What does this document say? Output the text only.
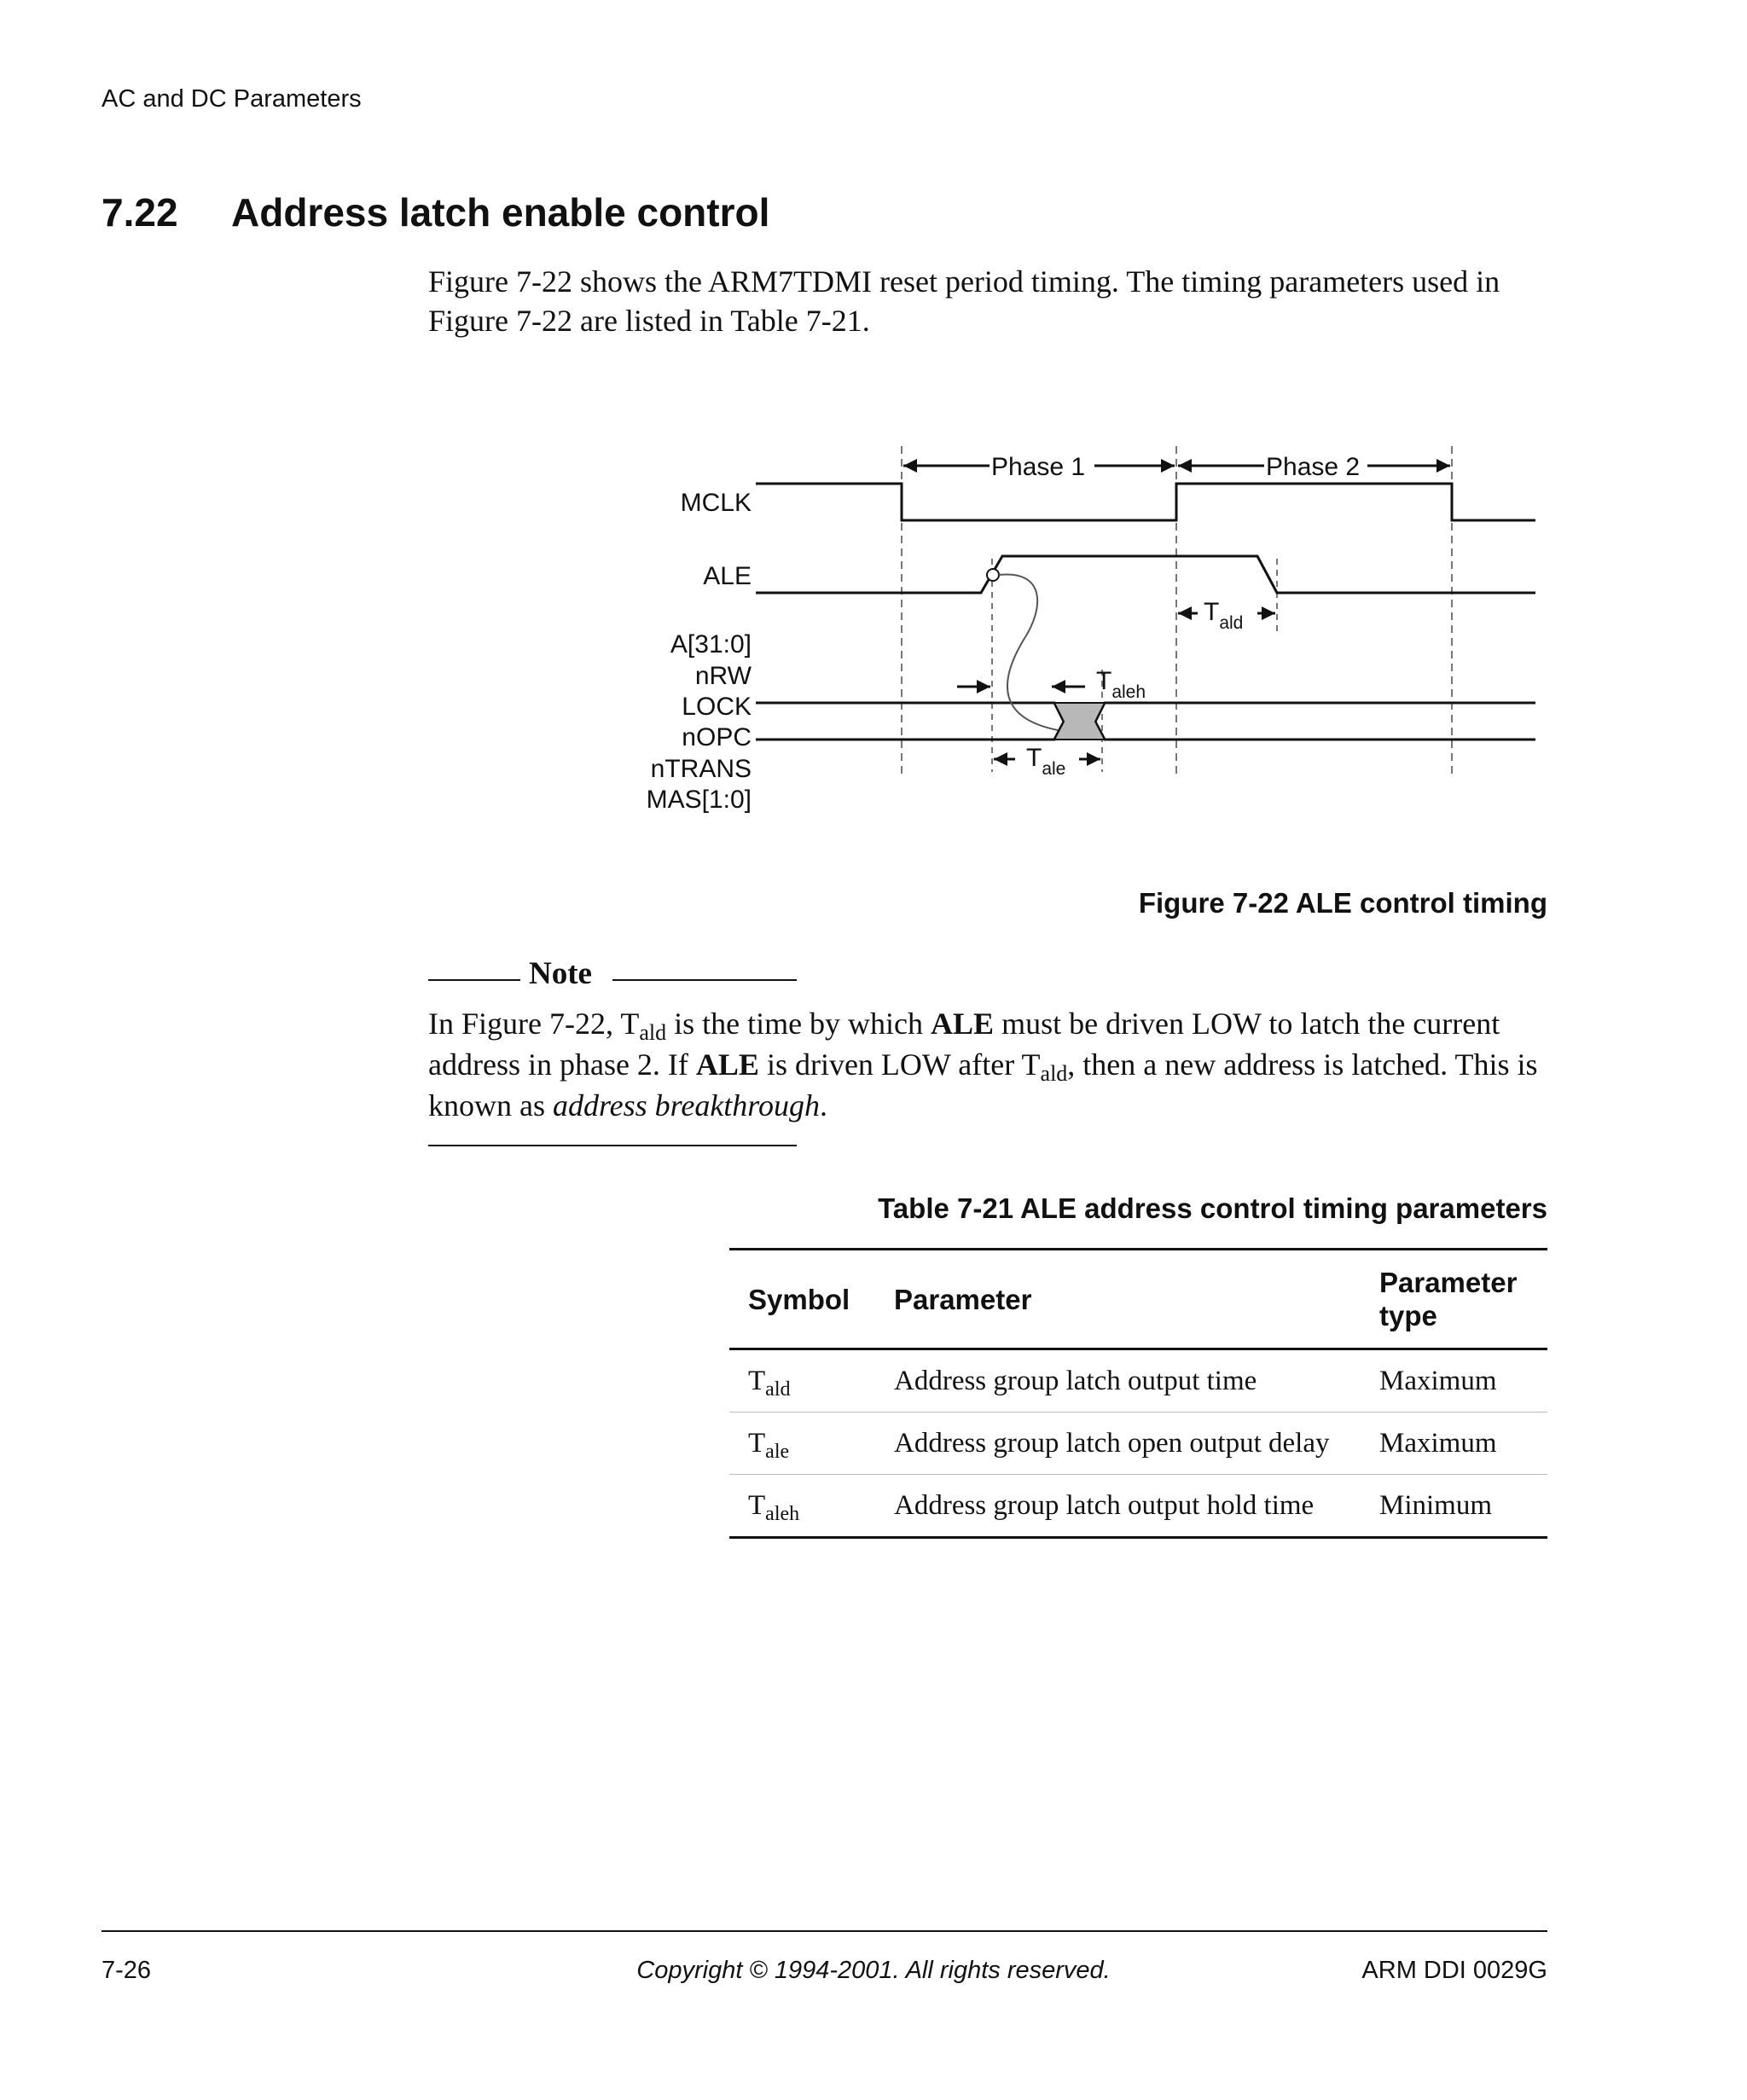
AC and DC Parameters
7.22 Address latch enable control
Figure 7-22 shows the ARM7TDMI reset period timing. The timing parameters used in Figure 7-22 are listed in Table 7-21.
Phase 1	Phase 2
MCLK
ALE
A[31:0]
nRW
LOCK
nOPC
nTRANS
MAS[1:0]
$T_{ald}$
$T_{aleh}$
$T_{ale}$
Figure 7-22 ALE control timing
Note
In Figure 7-22, $T_{ald}$ is the time by which ALE must be driven LOW to latch the current address in phase 2. If ALE is driven LOW after $T_{ald}$, then a new address is latched. This is known as address breakthrough.
Table 7-21 ALE address control timing parameters
Symbol	Parameter	Parameter
type
$T_{ald}$	Address group latch output time	Maximum
$T_{ale}$	Address group latch open output delay	Maximum
$T_{aleh}$	Address group latch output hold time	Minimum
7-26	Copyright © 1994-2001. All rights reserved.	ARM DDI 0029G
